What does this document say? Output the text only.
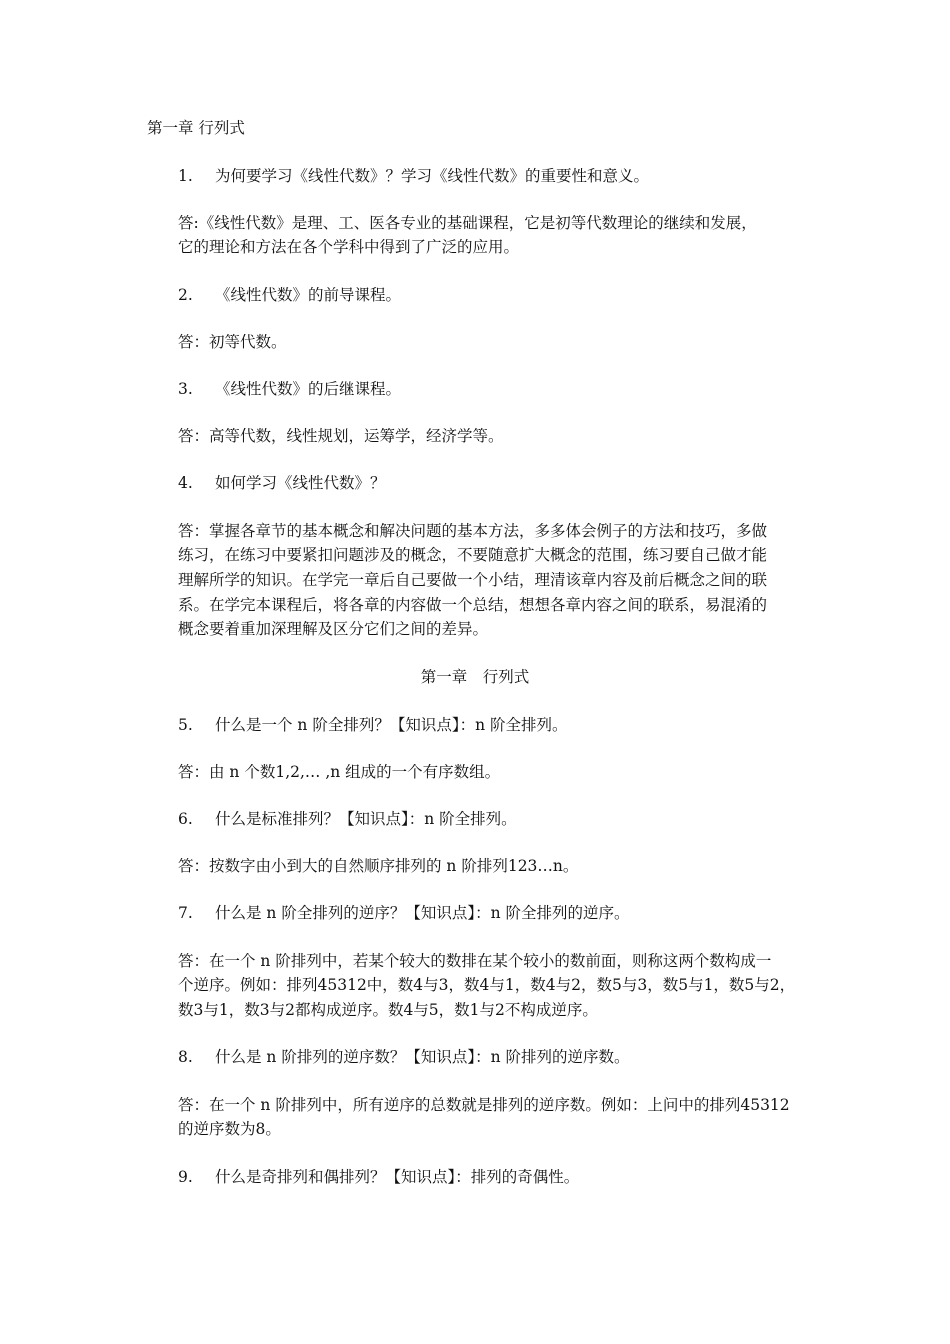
第一章 行列式
1. 为何要学习《线性代数》？学习《线性代数》的重要性和意义。
答:《线性代数》是理、工、医各专业的基础课程，它是初等代数理论的继续和发展，
它的理论和方法在各个学科中得到了广泛的应用。
2. 《线性代数》的前导课程。
答：初等代数。
3. 《线性代数》的后继课程。
答：高等代数，线性规划，运筹学，经济学等。
4. 如何学习《线性代数》？
答：掌握各章节的基本概念和解决问题的基本方法，多多体会例子的方法和技巧，多做
练习，在练习中要紧扣问题涉及的概念，不要随意扩大概念的范围，练习要自己做才能
理解所学的知识。在学完一章后自己要做一个小结，理清该章内容及前后概念之间的联
系。在学完本课程后，将各章的内容做一个总结，想想各章内容之间的联系，易混淆的
概念要着重加深理解及区分它们之间的差异。
第一章　行列式
5. 什么是一个 n 阶全排列？【知识点】：n 阶全排列。
答：由 n 个数1,2,… ,n 组成的一个有序数组。
6. 什么是标准排列？【知识点】：n 阶全排列。
答：按数字由小到大的自然顺序排列的 n 阶排列123…n。
7. 什么是 n 阶全排列的逆序？【知识点】：n 阶全排列的逆序。
答：在一个 n 阶排列中，若某个较大的数排在某个较小的数前面，则称这两个数构成一
个逆序。例如：排列45312中，数4与3，数4与1，数4与2，数5与3，数5与1，数5与2，
数3与1，数3与2都构成逆序。数4与5，数1与2不构成逆序。
8. 什么是 n 阶排列的逆序数？【知识点】：n 阶排列的逆序数。
答：在一个 n 阶排列中，所有逆序的总数就是排列的逆序数。例如：上问中的排列45312
的逆序数为8。
9. 什么是奇排列和偶排列？【知识点】：排列的奇偶性。
